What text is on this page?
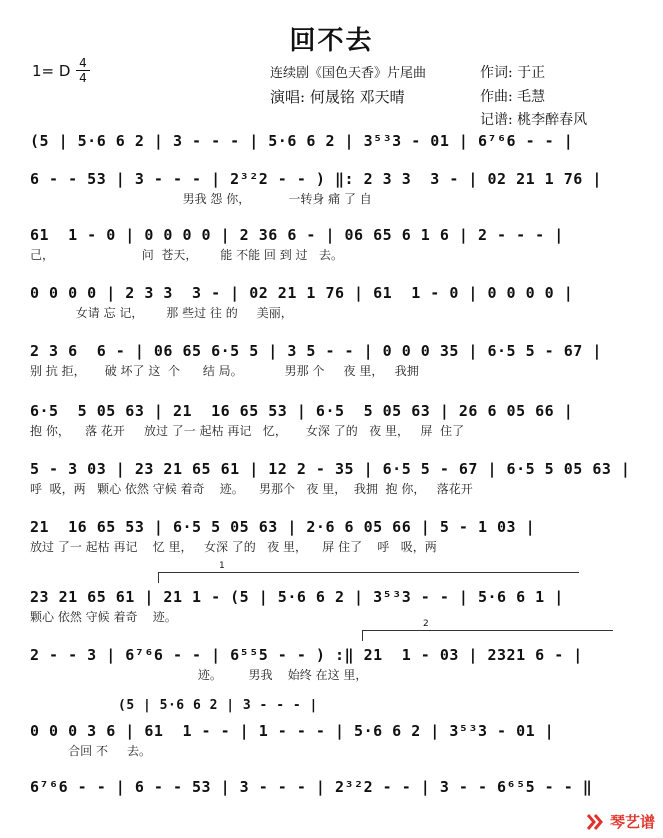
回不去
1= D 4
4	连续剧《国色天香》片尾曲
演唱: 何晟铭 邓天晴
作词: 于正
作曲: 毛慧
记谱: 桃李醉春风
(5 | 5·6 6 2 | 3 - - - | 5·6 6 2 | 3⁵³3 - 01 | 6⁷⁶6 - - |
6 - - 53 | 3 - - - | 2³²2 - - ) ‖: 2 3 3  3 - | 02 21 1 76 |
男我 怨 你，          一转身 痛 了 自
61  1 - 0 | 0 0 0 0 | 2 36 6 - | 06 65 6 1 6 | 2 - - - |
己，                       问  苍天，      能 不能 回 到 过   去。
0 0 0 0 | 2 3 3  3 - | 02 21 1 76 | 61  1 - 0 | 0 0 0 0 |
女请 忘 记，      那 些过 往 的     美丽，
2 3 6  6 - | 06 65 6·5 5 | 3 5 - - | 0 0 0 35 | 6·5 5 - 67 |
别 抗 拒，     破 坏了 这  个      结 局。           男那 个     夜 里，   我拥
6·5  5 05 63 | 21  16 65 53 | 6·5  5 05 63 | 26 6 05 66 |
抱 你，    落 花开     放过 了一 起枯 再记   忆，     女深 了的   夜 里，   屏  住了
5 - 3 03 | 23 21 65 61 | 12 2 - 35 | 6·5 5 - 67 | 6·5 5 05 63 |
呼  吸，两   颗心 依然 守候 着奇    迹。    男那个   夜 里，  我拥  抱 你，   落花开
21  16 65 53 | 6·5 5 05 63 | 2·6 6 05 66 | 5 - 1 03 |
放过 了一 起枯 再记    忆 里，   女深 了的   夜 里，    屏 住了    呼   吸，两
1
23 21 65 61 | 21 1 - (5 | 5·6 6 2 | 3⁵³3 - - | 5·6 6 1 |
颗心 依然 守候 着奇    迹。	2
2 - - 3 | 6⁷⁶6 - - | 6⁵⁵5 - - ) :‖ 21  1 - 03 | 2321 6 - |
迹。       男我    始终 在这 里，
(5 | 5·6 6 2 | 3 - - - |
0 0 0 3 6 | 61  1 - - | 1 - - - | 5·6 6 2 | 3⁵³3 - 01 |
合回 不     去。
6⁷⁶6 - - | 6 - - 53 | 3 - - - | 2³²2 - - | 3 - - 6⁶⁵5 - - ‖
琴艺谱
